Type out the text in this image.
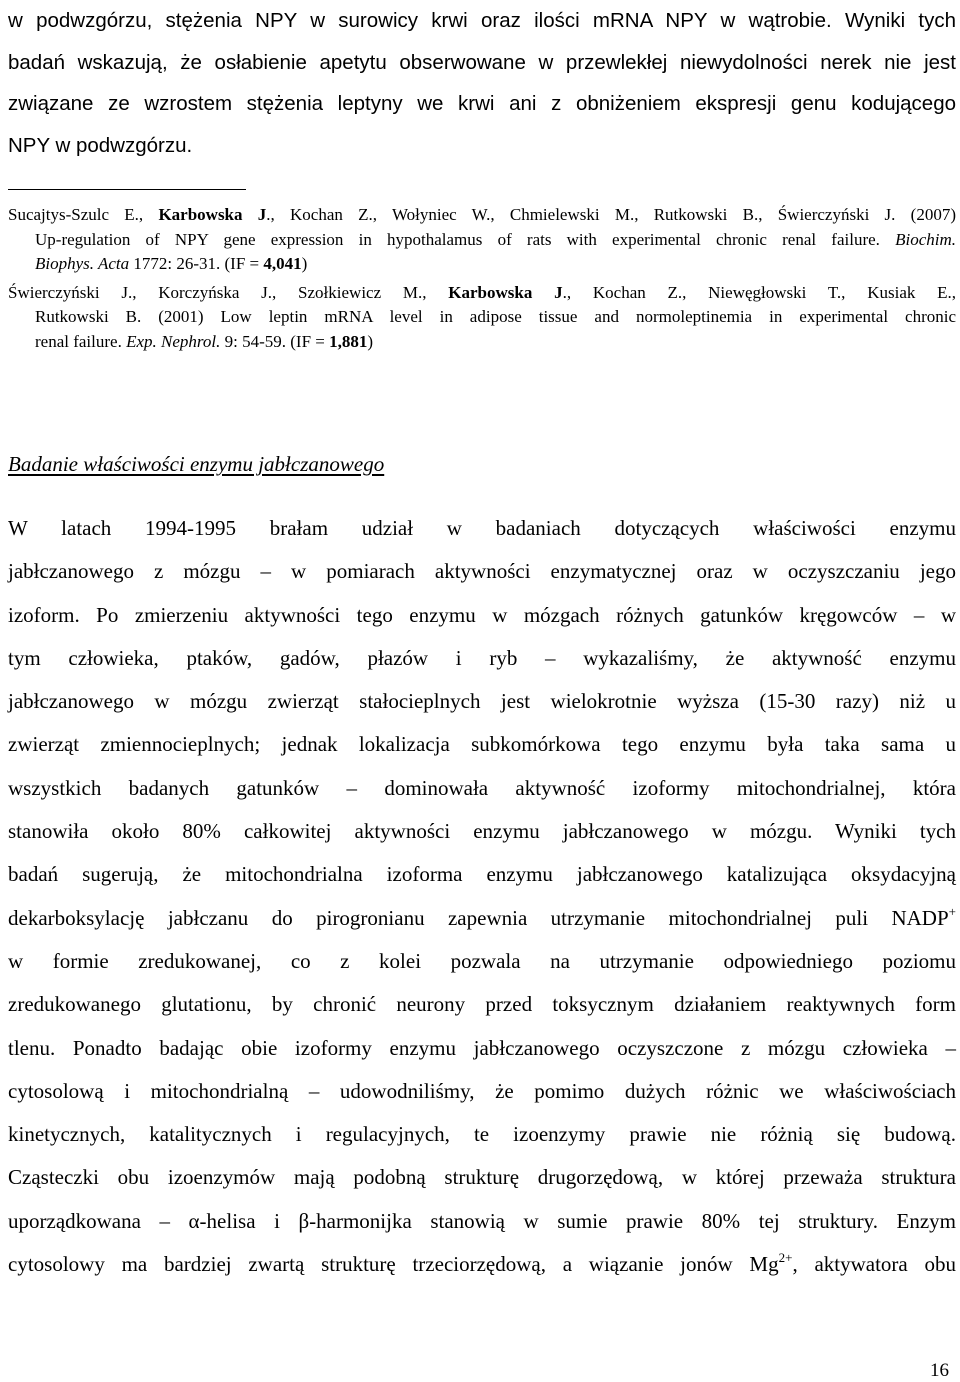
w podwzgórzu, stężenia NPY w surowicy krwi oraz ilości mRNA NPY w wątrobie. Wyniki tych
badań wskazują, że osłabienie apetytu obserwowane w przewlekłej niewydolności nerek nie jest
związane ze wzrostem stężenia leptyny we krwi ani z obniżeniem ekspresji genu kodującego
NPY w podwzgórzu.
Sucajtys-Szulc E., Karbowska J., Kochan Z., Wołyniec W., Chmielewski M., Rutkowski B., Świerczyński J. (2007)
Up-regulation of NPY gene expression in hypothalamus of rats with experimental chronic renal failure. Biochim.
Biophys. Acta 1772: 26-31. (IF = 4,041)
Świerczyński J., Korczyńska J., Szołkiewicz M., Karbowska J., Kochan Z., Niewęgłowski T., Kusiak E.,
Rutkowski B. (2001) Low leptin mRNA level in adipose tissue and normoleptinemia in experimental chronic
renal failure. Exp. Nephrol. 9: 54-59. (IF = 1,881)
Badanie właściwości enzymu jabłczanowego
W latach 1994-1995 brałam udział w badaniach dotyczących właściwości enzymu
jabłczanowego z mózgu – w pomiarach aktywności enzymatycznej oraz w oczyszczaniu jego
izoform. Po zmierzeniu aktywności tego enzymu w mózgach różnych gatunków kręgowców – w
tym człowieka, ptaków, gadów, płazów i ryb – wykazaliśmy, że aktywność enzymu
jabłczanowego w mózgu zwierząt stałocieplnych jest wielokrotnie wyższa (15-30 razy) niż u
zwierząt zmiennocieplnych; jednak lokalizacja subkomórkowa tego enzymu była taka sama u
wszystkich badanych gatunków – dominowała aktywność izoformy mitochondrialnej, która
stanowiła około 80% całkowitej aktywności enzymu jabłczanowego w mózgu. Wyniki tych
badań sugerują, że mitochondrialna izoforma enzymu jabłczanowego katalizująca oksydacyjną
dekarboksylację jabłczanu do pirogronianu zapewnia utrzymanie mitochondrialnej puli NADP+
w formie zredukowanej, co z kolei pozwala na utrzymanie odpowiedniego poziomu
zredukowanego glutationu, by chronić neurony przed toksycznym działaniem reaktywnych form
tlenu. Ponadto badając obie izoformy enzymu jabłczanowego oczyszczone z mózgu człowieka –
cytosolową i mitochondrialną – udowodniliśmy, że pomimo dużych różnic we właściwościach
kinetycznych, katalitycznych i regulacyjnych, te izoenzymy prawie nie różnią się budową.
Cząsteczki obu izoenzymów mają podobną strukturę drugorzędową, w której przeważa struktura
uporządkowana – α-helisa i β-harmonijka stanowią w sumie prawie 80% tej struktury. Enzym
cytosolowy ma bardziej zwartą strukturę trzeciorzędową, a wiązanie jonów $Mg^{2+}$, aktywatora obu
16
